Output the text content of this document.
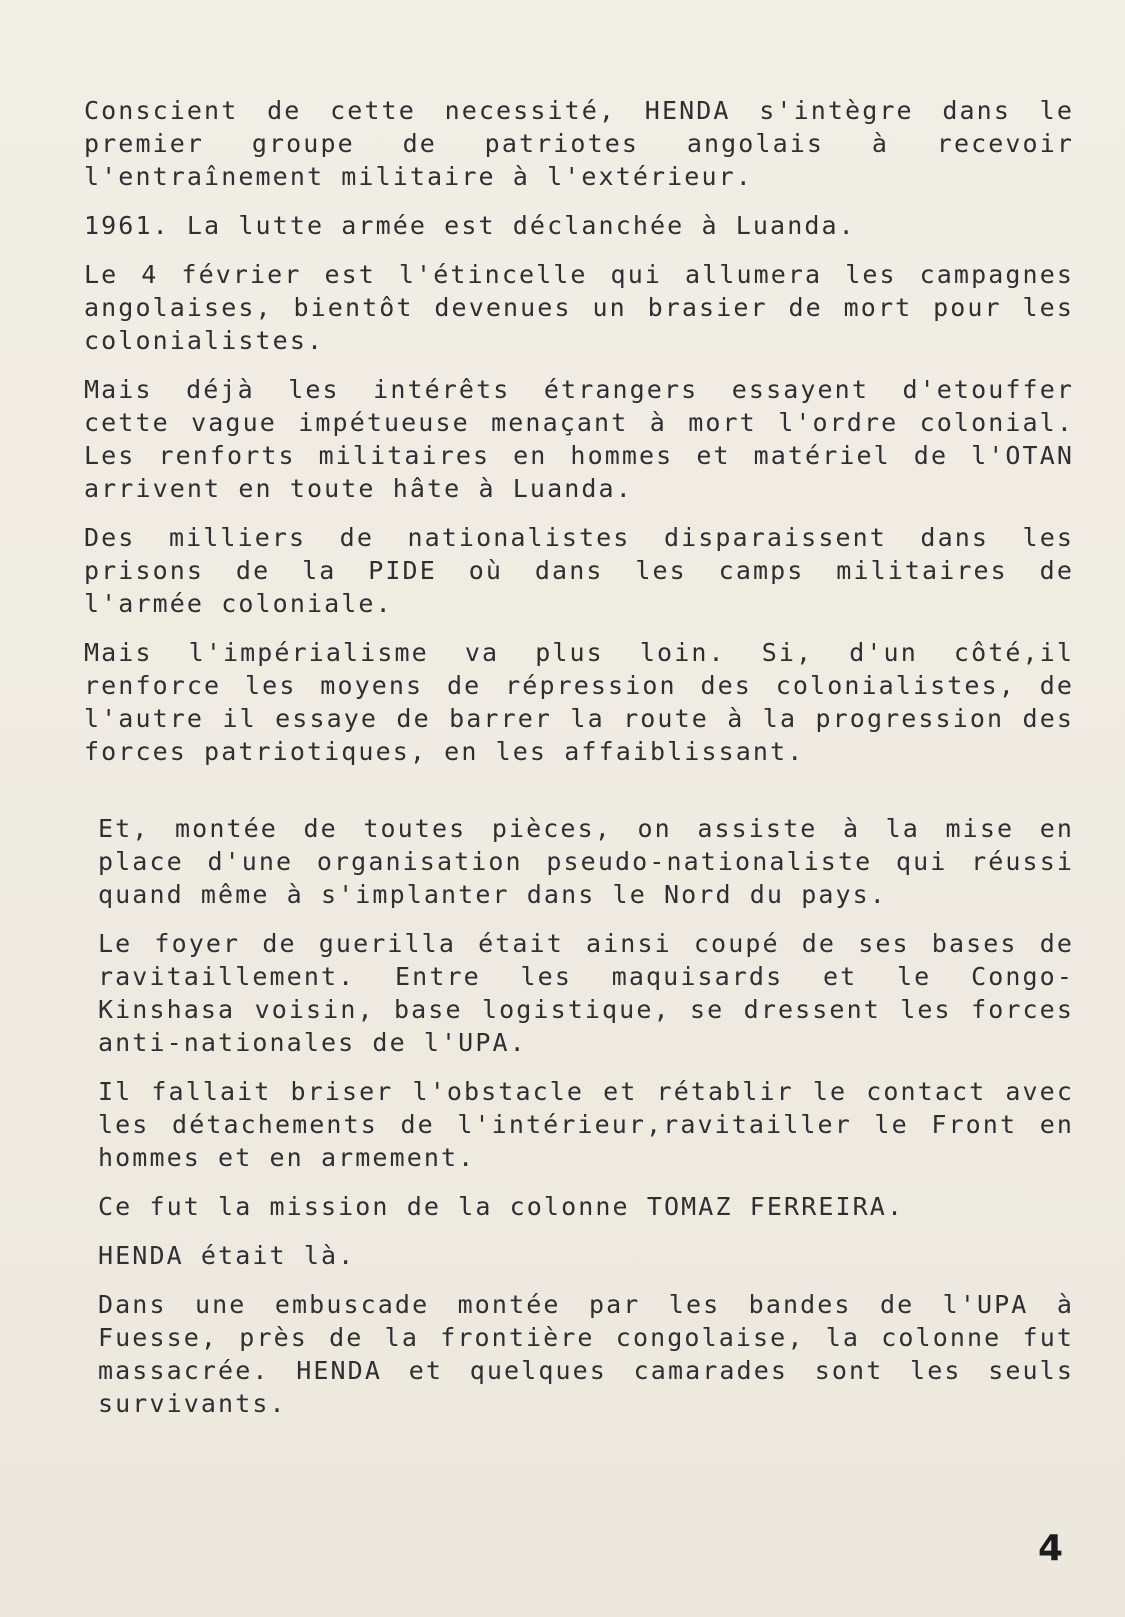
Conscient de cette necessité, HENDA s'intègre dans le premier groupe de patriotes angolais à recevoir l'entraînement militaire à l'extérieur.

1961. La lutte armée est déclanchée à Luanda.

Le 4 février est l'étincelle qui allumera les campagnes angolaises, bientôt devenues un brasier de mort pour les colonialistes.

Mais déjà les intérêts étrangers essayent d'etouffer cette vague impétueuse menaçant à mort l'ordre colonial. Les renforts militaires en hommes et matériel de l'OTAN arrivent en toute hâte à Luanda.

Des milliers de nationalistes disparaissent dans les prisons de la PIDE où dans les camps militaires de l'armée coloniale.

Mais l'impérialisme va plus loin. Si, d'un côté,il renforce les moyens de répression des colonialistes, de l'autre il essaye de barrer la route à la progression des forces patriotiques, en les affaiblissant.

Et, montée de toutes pièces, on assiste à la mise en place d'une organisation pseudo-nationaliste qui réussi quand même à s'implanter dans le Nord du pays.

Le foyer de guerilla était ainsi coupé de ses bases de ravitaillement. Entre les maquisards et le Congo-Kinshasa voisin, base logistique, se dressent les forces anti-nationales de l'UPA.

Il fallait briser l'obstacle et rétablir le contact avec les détachements de l'intérieur,ravitailler le Front en hommes et en armement.

Ce fut la mission de la colonne TOMAZ FERREIRA.

HENDA était là.

Dans une embuscade montée par les bandes de l'UPA à Fuesse, près de la frontière congolaise, la colonne fut massacrée. HENDA et quelques camarades sont les seuls survivants.

4
